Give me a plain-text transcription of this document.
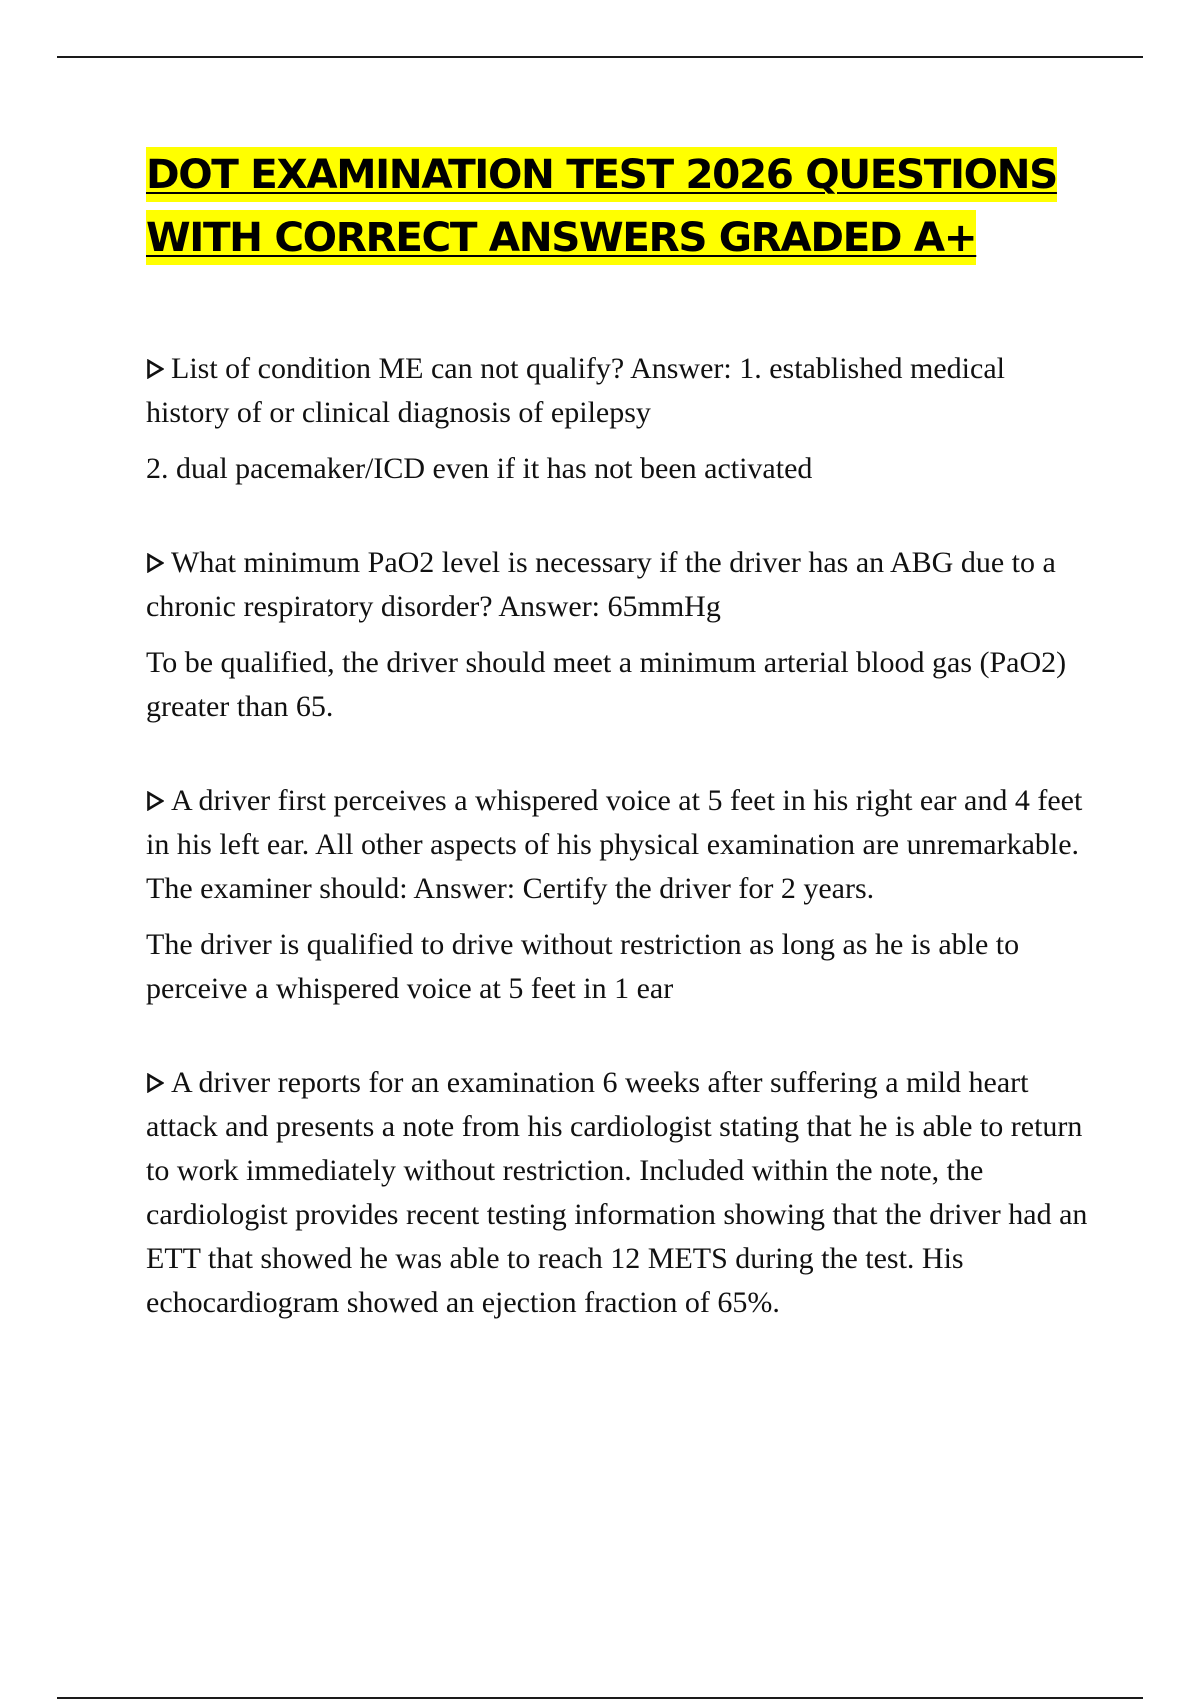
DOT EXAMINATION TEST 2026 QUESTIONS
WITH CORRECT ANSWERS GRADED A+

List of condition ME can not qualify? Answer: 1. established medical history of or clinical diagnosis of epilepsy

2. dual pacemaker/ICD even if it has not been activated

What minimum PaO2 level is necessary if the driver has an ABG due to a chronic respiratory disorder? Answer: 65mmHg

To be qualified, the driver should meet a minimum arterial blood gas (PaO2) greater than 65.

A driver first perceives a whispered voice at 5 feet in his right ear and 4 feet in his left ear. All other aspects of his physical examination are unremarkable. The examiner should: Answer: Certify the driver for 2 years.

The driver is qualified to drive without restriction as long as he is able to perceive a whispered voice at 5 feet in 1 ear

A driver reports for an examination 6 weeks after suffering a mild heart attack and presents a note from his cardiologist stating that he is able to return to work immediately without restriction. Included within the note, the cardiologist provides recent testing information showing that the driver had an ETT that showed he was able to reach 12 METS during the test. His echocardiogram showed an ejection fraction of 65%.
